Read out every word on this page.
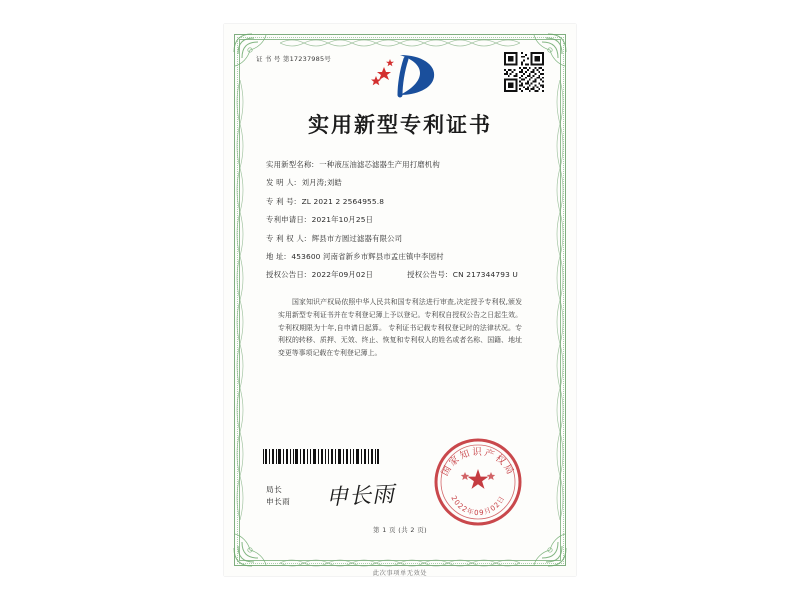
证 书 号 第17237985号
实用新型专利证书
实用新型名称: 一种液压油滤芯滤器生产用打磨机构
发 明 人: 刘月涛;刘皓
专 利 号: ZL 2021 2 2564955.8
专利申请日: 2021年10月25日
专 利 权 人: 辉县市方圆过滤器有限公司
地 址: 453600 河南省新乡市辉县市孟庄镇中李园村
授权公告日: 2022年09月02日	授权公告号: CN 217344793 U
国家知识产权局依照中华人民共和国专利法进行审查,决定授予专利权,颁发实用新型专利证书并在专利登记簿上予以登记。专利权自授权公告之日起生效。专利权期限为十年,自申请日起算。 专利证书记载专利权登记时的法律状况。专利权的转移、质押、无效、终止、恢复和专利权人的姓名或者名称、国籍、地址变更等事项记载在专利登记簿上。
局长
申长雨 申长雨
国家知识产权局
2022年09月02日
第 1 页 (共 2 页)
此次事项单无效处
